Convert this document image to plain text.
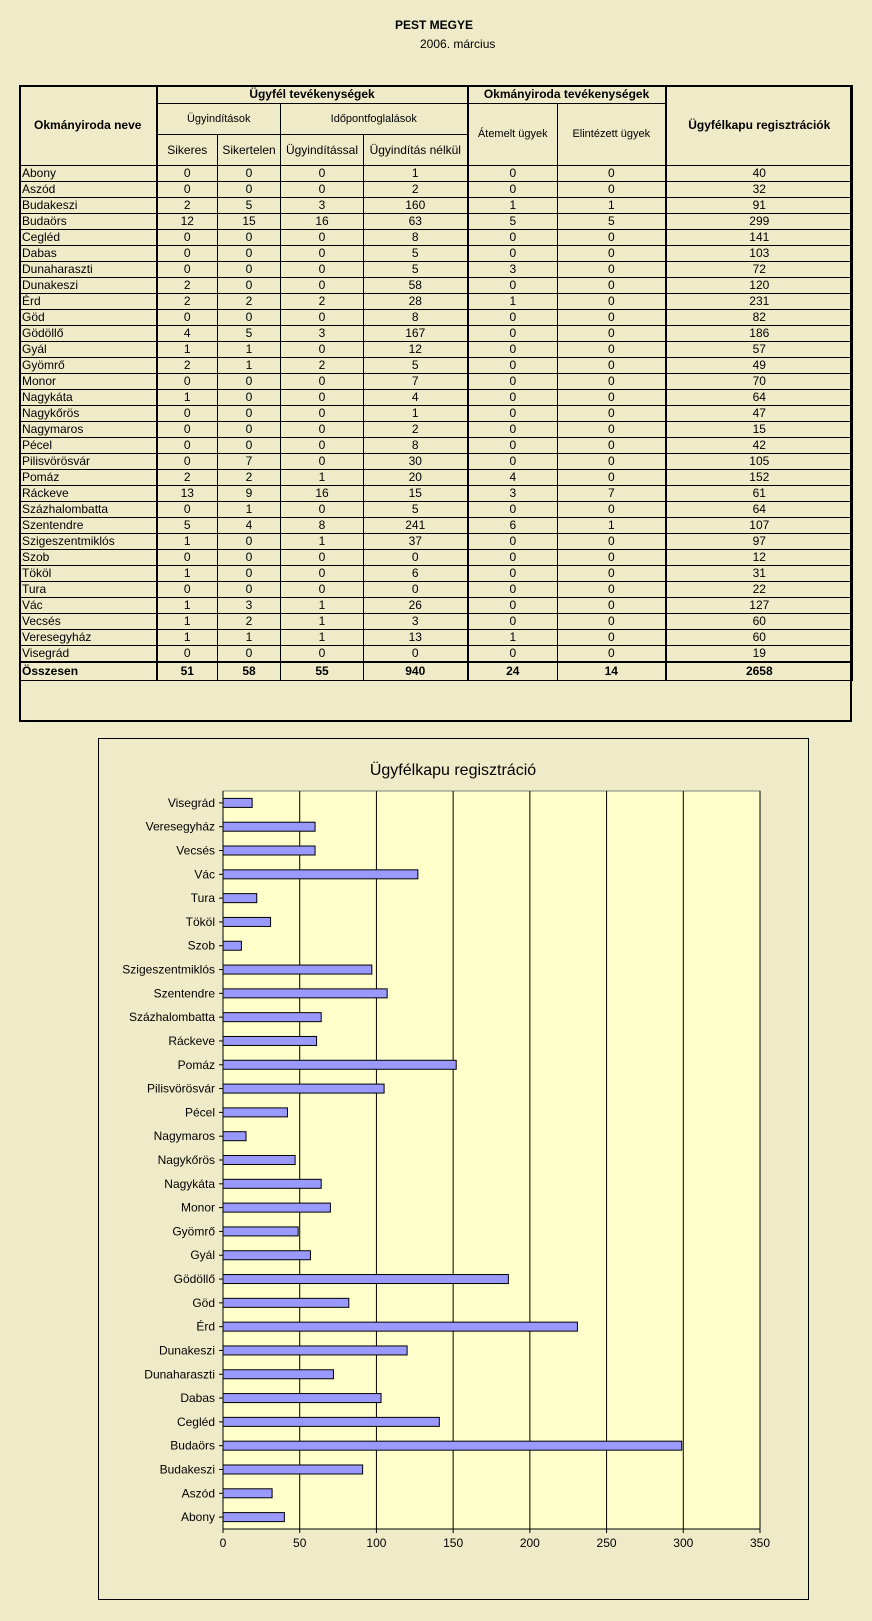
PEST MEGYE
2006. március
Okmányiroda neve	Ügyfél tevékenységek				Okmányiroda tevékenységek		Ügyfélkapu regisztrációk
	Ügyindítások		Időpontfoglalások		Átemelt ügyek	Elintézett ügyek	
	Sikeres	Sikertelen	Ügyindítással	Ügyindítás nélkül			
Abony	0	0	0	1	0	0	40
Aszód	0	0	0	2	0	0	32
Budakeszi	2	5	3	160	1	1	91
Budaörs	12	15	16	63	5	5	299
Cegléd	0	0	0	8	0	0	141
Dabas	0	0	0	5	0	0	103
Dunaharaszti	0	0	0	5	3	0	72
Dunakeszi	2	0	0	58	0	0	120
Érd	2	2	2	28	1	0	231
Göd	0	0	0	8	0	0	82
Gödöllő	4	5	3	167	0	0	186
Gyál	1	1	0	12	0	0	57
Gyömrő	2	1	2	5	0	0	49
Monor	0	0	0	7	0	0	70
Nagykáta	1	0	0	4	0	0	64
Nagykőrös	0	0	0	1	0	0	47
Nagymaros	0	0	0	2	0	0	15
Pécel	0	0	0	8	0	0	42
Pilisvörösvár	0	7	0	30	0	0	105
Pomáz	2	2	1	20	4	0	152
Ráckeve	13	9	16	15	3	7	61
Százhalombatta	0	1	0	5	0	0	64
Szentendre	5	4	8	241	6	1	107
Szigeszentmiklós	1	0	1	37	0	0	97
Szob	0	0	0	0	0	0	12
Tököl	1	0	0	6	0	0	31
Tura	0	0	0	0	0	0	22
Vác	1	3	1	26	0	0	127
Vecsés	1	2	1	3	0	0	60
Veresegyház	1	1	1	13	1	0	60
Visegrád	0	0	0	0	0	0	19
Összesen	51	58	55	940	24	14	2658
Ügyfélkapu regisztráció
0	50	100	150	200	250	300	350
Abony
Aszód
Budakeszi
Budaörs
Cegléd
Dabas
Dunaharaszti
Dunakeszi
Érd
Göd
Gödöllő
Gyál
Gyömrő
Monor
Nagykáta
Nagykőrös
Nagymaros
Pécel
Pilisvörösvár
Pomáz
Ráckeve
Százhalombatta
Szentendre
Szigeszentmiklós
Szob
Tököl
Tura
Vác
Vecsés
Veresegyház
Visegrád
